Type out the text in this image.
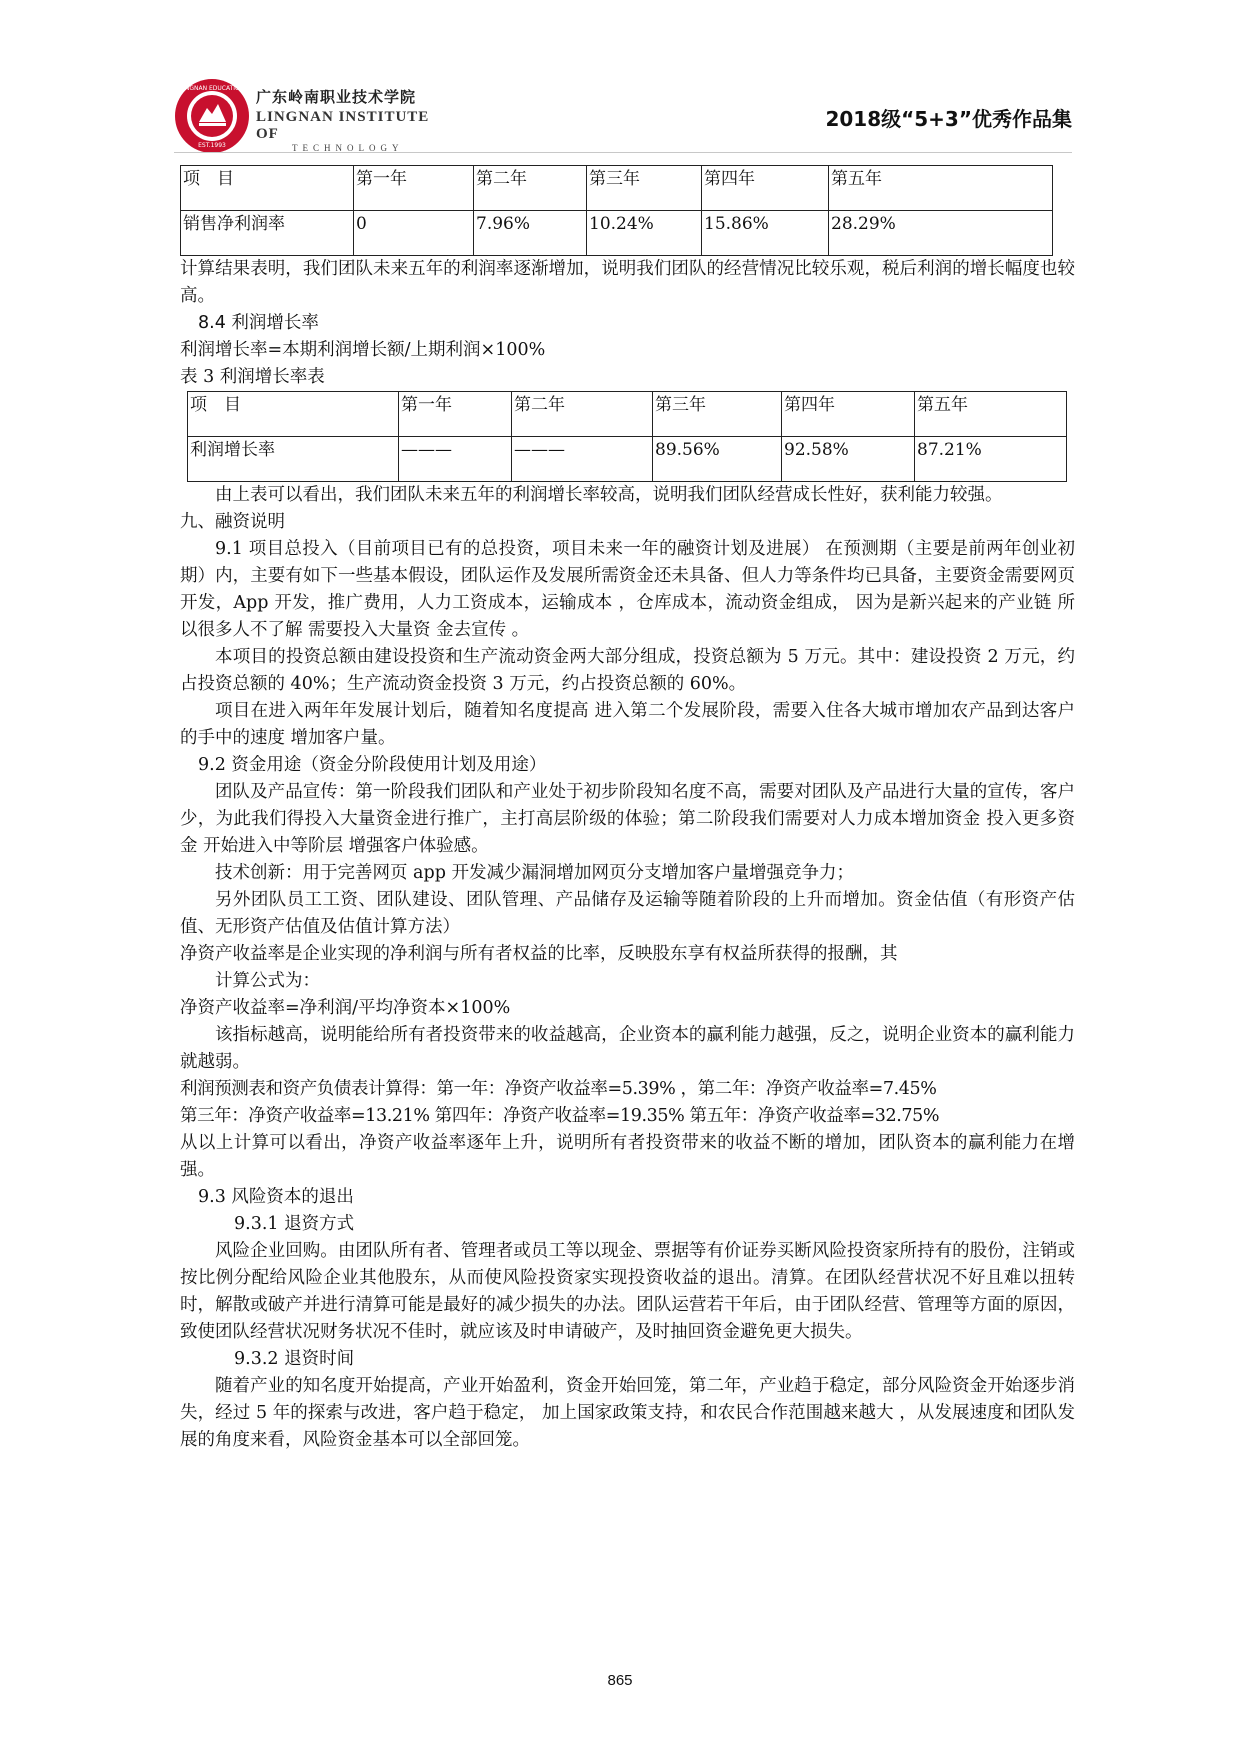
LINGNAN EDUCATION
EST.1993
广东岭南职业技术学院
LINGNAN INSTITUTE OF
TECHNOLOGY
2018级“5+3”优秀作品集
项　目	第一年	第二年	第三年	第四年	第五年
销售净利润率	0	7.96%	10.24%	15.86%	28.29%

计算结果表明，我们团队未来五年的利润率逐渐增加，说明我们团队的经营情况比较乐观，税后利润的增长幅度也较高。

8.4 利润增长率

利润增长率=本期利润增长额/上期利润×100%

表 3 利润增长率表

项　目	第一年	第二年	第三年	第四年	第五年
利润增长率	———	———	89.56%	92.58%	87.21%

由上表可以看出，我们团队未来五年的利润增长率较高，说明我们团队经营成长性好，获利能力较强。

九、融资说明

9.1 项目总投入（目前项目已有的总投资，项目未来一年的融资计划及进展） 在预测期（主要是前两年创业初期）内，主要有如下一些基本假设，团队运作及发展所需资金还未具备、但人力等条件均已具备，主要资金需要网页开发，App 开发，推广费用，人力工资成本，运输成本 ，仓库成本，流动资金组成， 因为是新兴起来的产业链 所以很多人不了解 需要投入大量资 金去宣传 。

本项目的投资总额由建设投资和生产流动资金两大部分组成，投资总额为 5 万元。其中：建设投资 2 万元，约占投资总额的 40%；生产流动资金投资 3 万元，约占投资总额的 60%。

项目在进入两年年发展计划后，随着知名度提高 进入第二个发展阶段，需要入住各大城市增加农产品到达客户的手中的速度 增加客户量。

9.2 资金用途（资金分阶段使用计划及用途）

团队及产品宣传：第一阶段我们团队和产业处于初步阶段知名度不高，需要对团队及产品进行大量的宣传，客户少，为此我们得投入大量资金进行推广，主打高层阶级的体验；第二阶段我们需要对人力成本增加资金 投入更多资金 开始进入中等阶层 增强客户体验感。

技术创新：用于完善网页 app 开发减少漏洞增加网页分支增加客户量增强竞争力；

另外团队员工工资、团队建设、团队管理、产品储存及运输等随着阶段的上升而增加。资金估值（有形资产估值、无形资产估值及估值计算方法）

净资产收益率是企业实现的净利润与所有者权益的比率，反映股东享有权益所获得的报酬，其

计算公式为：

净资产收益率=净利润/平均净资本×100%

该指标越高，说明能给所有者投资带来的收益越高，企业资本的赢利能力越强，反之，说明企业资本的赢利能力就越弱。

利润预测表和资产负债表计算得：第一年：净资产收益率=5.39% ，第二年：净资产收益率=7.45%

第三年：净资产收益率=13.21% 第四年：净资产收益率=19.35% 第五年：净资产收益率=32.75%

从以上计算可以看出，净资产收益率逐年上升，说明所有者投资带来的收益不断的增加，团队资本的赢利能力在增强。

9.3 风险资本的退出

9.3.1 退资方式

风险企业回购。由团队所有者、管理者或员工等以现金、票据等有价证券买断风险投资家所持有的股份，注销或按比例分配给风险企业其他股东，从而使风险投资家实现投资收益的退出。清算。在团队经营状况不好且难以扭转时，解散或破产并进行清算可能是最好的减少损失的办法。团队运营若干年后，由于团队经营、管理等方面的原因， 致使团队经营状况财务状况不佳时，就应该及时申请破产，及时抽回资金避免更大损失。

9.3.2 退资时间

随着产业的知名度开始提高，产业开始盈利，资金开始回笼，第二年，产业趋于稳定，部分风险资金开始逐步消失，经过 5 年的探索与改进，客户趋于稳定， 加上国家政策支持，和农民合作范围越来越大 ，从发展速度和团队发展的角度来看，风险资金基本可以全部回笼。

865
